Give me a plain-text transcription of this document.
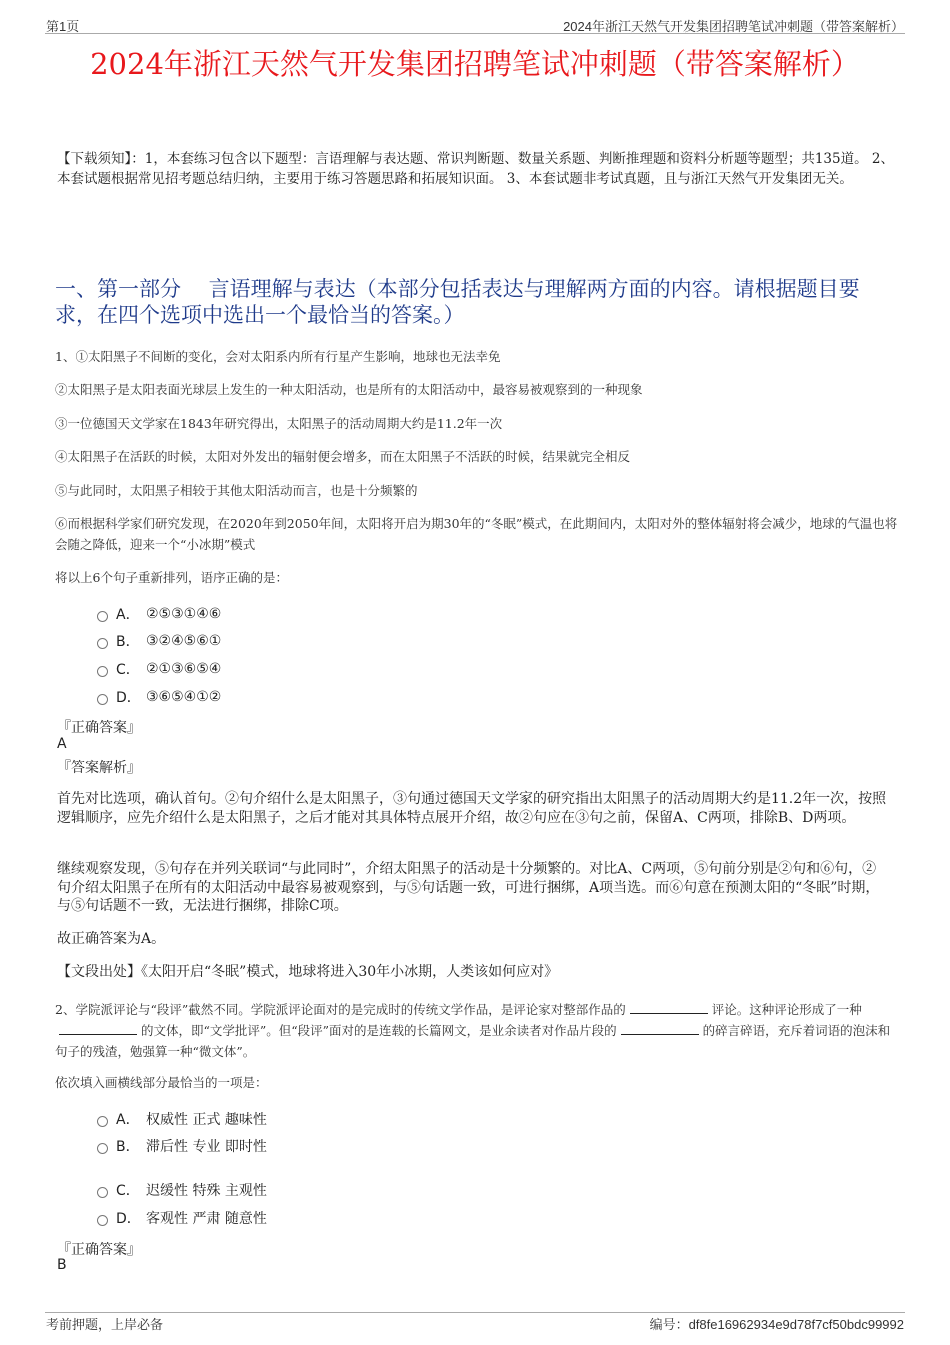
第1页	2024年浙江天然气开发集团招聘笔试冲刺题（带答案解析）
2024年浙江天然气开发集团招聘笔试冲刺题（带答案解析）
【下载须知】：1，本套练习包含以下题型：言语理解与表达题、常识判断题、数量关系题、判断推理题和资料分析题等题型；共135道。 2、本套试题根据常见招考题总结归纳，主要用于练习答题思路和拓展知识面。 3、本套试题非考试真题，且与浙江天然气开发集团无关。
一、第一部分　 言语理解与表达（本部分包括表达与理解两方面的内容。请根据题目要求，在四个选项中选出一个最恰当的答案。）
1、①太阳黑子不间断的变化，会对太阳系内所有行星产生影响，地球也无法幸免
②太阳黑子是太阳表面光球层上发生的一种太阳活动，也是所有的太阳活动中，最容易被观察到的一种现象
③一位德国天文学家在1843年研究得出，太阳黑子的活动周期大约是11.2年一次
④太阳黑子在活跃的时候，太阳对外发出的辐射便会增多，而在太阳黑子不活跃的时候，结果就完全相反
⑤与此同时，太阳黑子相较于其他太阳活动而言，也是十分频繁的
⑥而根据科学家们研究发现，在2020年到2050年间，太阳将开启为期30年的“冬眠”模式，在此期间内，太阳对外的整体辐射将会减少，地球的气温也将会随之降低，迎来一个“小冰期”模式
将以上6个句子重新排列，语序正确的是：
A． ②⑤③①④⑥
B． ③②④⑤⑥①
C． ②①③⑥⑤④
D． ③⑥⑤④①②
『正确答案』
A
『答案解析』
首先对比选项，确认首句。②句介绍什么是太阳黑子，③句通过德国天文学家的研究指出太阳黑子的活动周期大约是11.2年一次，按照逻辑顺序，应先介绍什么是太阳黑子，之后才能对其具体特点展开介绍，故②句应在③句之前，保留A、C两项，排除B、D两项。
继续观察发现，⑤句存在并列关联词“与此同时”，介绍太阳黑子的活动是十分频繁的。对比A、C两项，⑤句前分别是②句和⑥句，②句介绍太阳黑子在所有的太阳活动中最容易被观察到，与⑤句话题一致，可进行捆绑，A项当选。而⑥句意在预测太阳的“冬眠”时期，与⑤句话题不一致，无法进行捆绑，排除C项。
故正确答案为A。
【文段出处】《太阳开启“冬眠”模式，地球将进入30年小冰期，人类该如何应对》
2、学院派评论与“段评”截然不同。学院派评论面对的是完成时的传统文学作品，是评论家对整部作品的	评论。这种评论形成了一种的文体，即“文学批评”。但“段评”面对的是连载的长篇网文，是业余读者对作品片段的	的碎言碎语，充斥着词语的泡沫和句子的残渣，勉强算一种“微文体”。
依次填入画横线部分最恰当的一项是：
A． 权威性 正式 趣味性
B． 滞后性 专业 即时性
C． 迟缓性 特殊 主观性
D． 客观性 严肃 随意性
『正确答案』
B
考前押题，上岸必备	编号：df8fe16962934e9d78f7cf50bdc99992
